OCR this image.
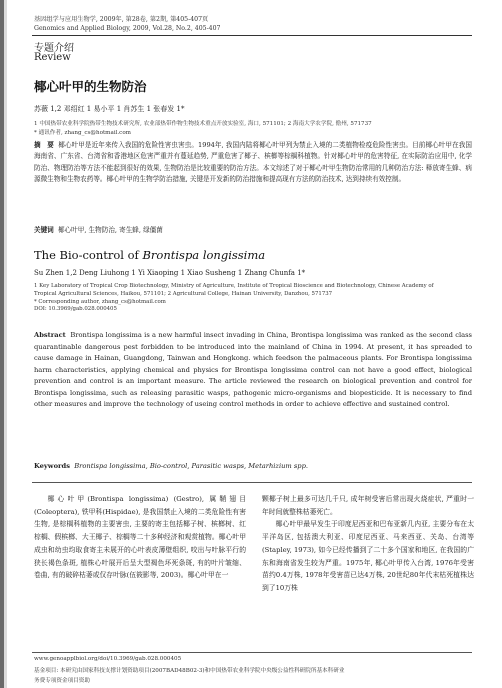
基因组学与应用生物学, 2009年, 第28卷, 第2期, 第405-407页
Genomics and Applied Biology, 2009, Vol.28, No.2, 405-407
专题介绍
Review
椰心叶甲的生物防治
苏薇 1,2 邓绍红 1 易小平 1 肖苏生 1 张春发 1*
1 中国热带农业科学院热带生物技术研究所, 农业部热带作物生物技术重点开放实验室, 海口, 571101; 2 海南大学农学院, 儋州, 571737
* 通讯作者, zhang_cs@hotmail.com
摘　要 椰心叶甲是近年来传入我国的危险性害虫害虫。1994年, 我国内陆将椰心叶甲列为禁止入境的二类植物检疫危险性害虫。目前椰心叶甲在我国海南省、广东省、台湾省和香港地区危害严重并有蔓延趋势, 严重危害了椰子、槟榔等棕榈科植物。针对椰心叶甲的危害特征, 在实际防治应用中, 化学防治、物理防治等方法不能起到很好的效果, 生物防治是比较重要的防治方法。本文综述了对于椰心叶甲生物防治常用的几种防治方法: 释放寄生蜂、病源微生物和生物农药等。椰心叶甲的生物学防治措施, 关键是开发新的防治措施和提高现有方法的防治技术, 达到持续有效控制。
关键词 椰心叶甲, 生物防治, 寄生蜂, 绿僵菌
The Bio-control of Brontispa longissima
Su Zhen 1,2 Deng Liuhong 1 Yi Xiaoping 1 Xiao Susheng 1 Zhang Chunfa 1*
1 Key Laboratory of Tropical Crop Biotechnology, Ministry of Agriculture, Institute of Tropical Bioscience and Biotechnology, Chinese Academy of
Tropical Agricultural Sciences, Haikou, 571101; 2 Agricultural College, Hainan University, Danzhou, 571737
* Corresponding author, zhang_cs@hotmail.com
DOI: 10.3969/gab.028.000405
Abstract Brontispa longissima is a new harmful insect invading in China, Brontispa longissima was ranked as the second class quarantinable dangerous pest forbidden to be introduced into the mainland of China in 1994. At present, it has spreaded to cause damage in Hainan, Guangdong, Tainwan and Hongkong. which feedson the palmaceous plants. For Brontispa longissima harm characteristics, applying chemical and physics for Brontispa longissima control can not have a good effect, biological prevention and control is an important measure. The article reviewed the research on biological prevention and control for Brontispa longissima, such as releasing parasitic wasps, pathogenic micro-organisms and biopesticide. It is necessary to find other measures and improve the technology of useing control methods in order to achieve effective and sustained control.
Keywords Brontispa longissima, Bio-control, Parasitic wasps, Metarhizium spp.

椰心叶甲(Brontispa longissima) (Gestro), 属鞘翅目(Coleoptera), 铁甲科(Hispidae), 是我国禁止入境的二类危险性有害生物, 是棕榈科植物的主要害虫, 主要的寄主包括椰子树、槟榔树、红棕榈、假槟榔、大王椰子、棕榈等二十多种经济和观赏植物。椰心叶甲成虫和幼虫均取食寄主未展开的心叶表皮薄壁组织, 咬出与叶脉平行的狭长褐色条斑, 植株心叶展开后呈大型褐色坏死条斑, 有的叶片皱缩、卷曲, 有的破碎枯萎或仅存叶脉(伍筱影等, 2003)。椰心叶甲在一

颗椰子树上最多可达几千只, 成年树受害后常出现火烧症状, 严重时一年时间就整株枯萎死亡。

椰心叶甲最早发生于印度尼西亚和巴布亚新几内亚, 主要分布在太平洋岛区, 包括澳大利亚、印度尼西亚、马来西亚、关岛、台湾等(Stapley, 1973), 如今已经传播到了二十多个国家和地区, 在我国的广东和海南省发生较为严重。1975年, 椰心叶甲传入台湾, 1976年受害苗约0.4万株, 1978年受害苗已达4万株, 20世纪80年代末枯死植株达到了10万株

www.genoapplbiol.org/doi/10.3969/gab.028.000405
基金项目: 本研究由国家科技支撑计划资助项目(2007BAD48B02-3)和中国热带农业科学院中央级公益性科研院所基本科研业
务费专项资金项目资助
